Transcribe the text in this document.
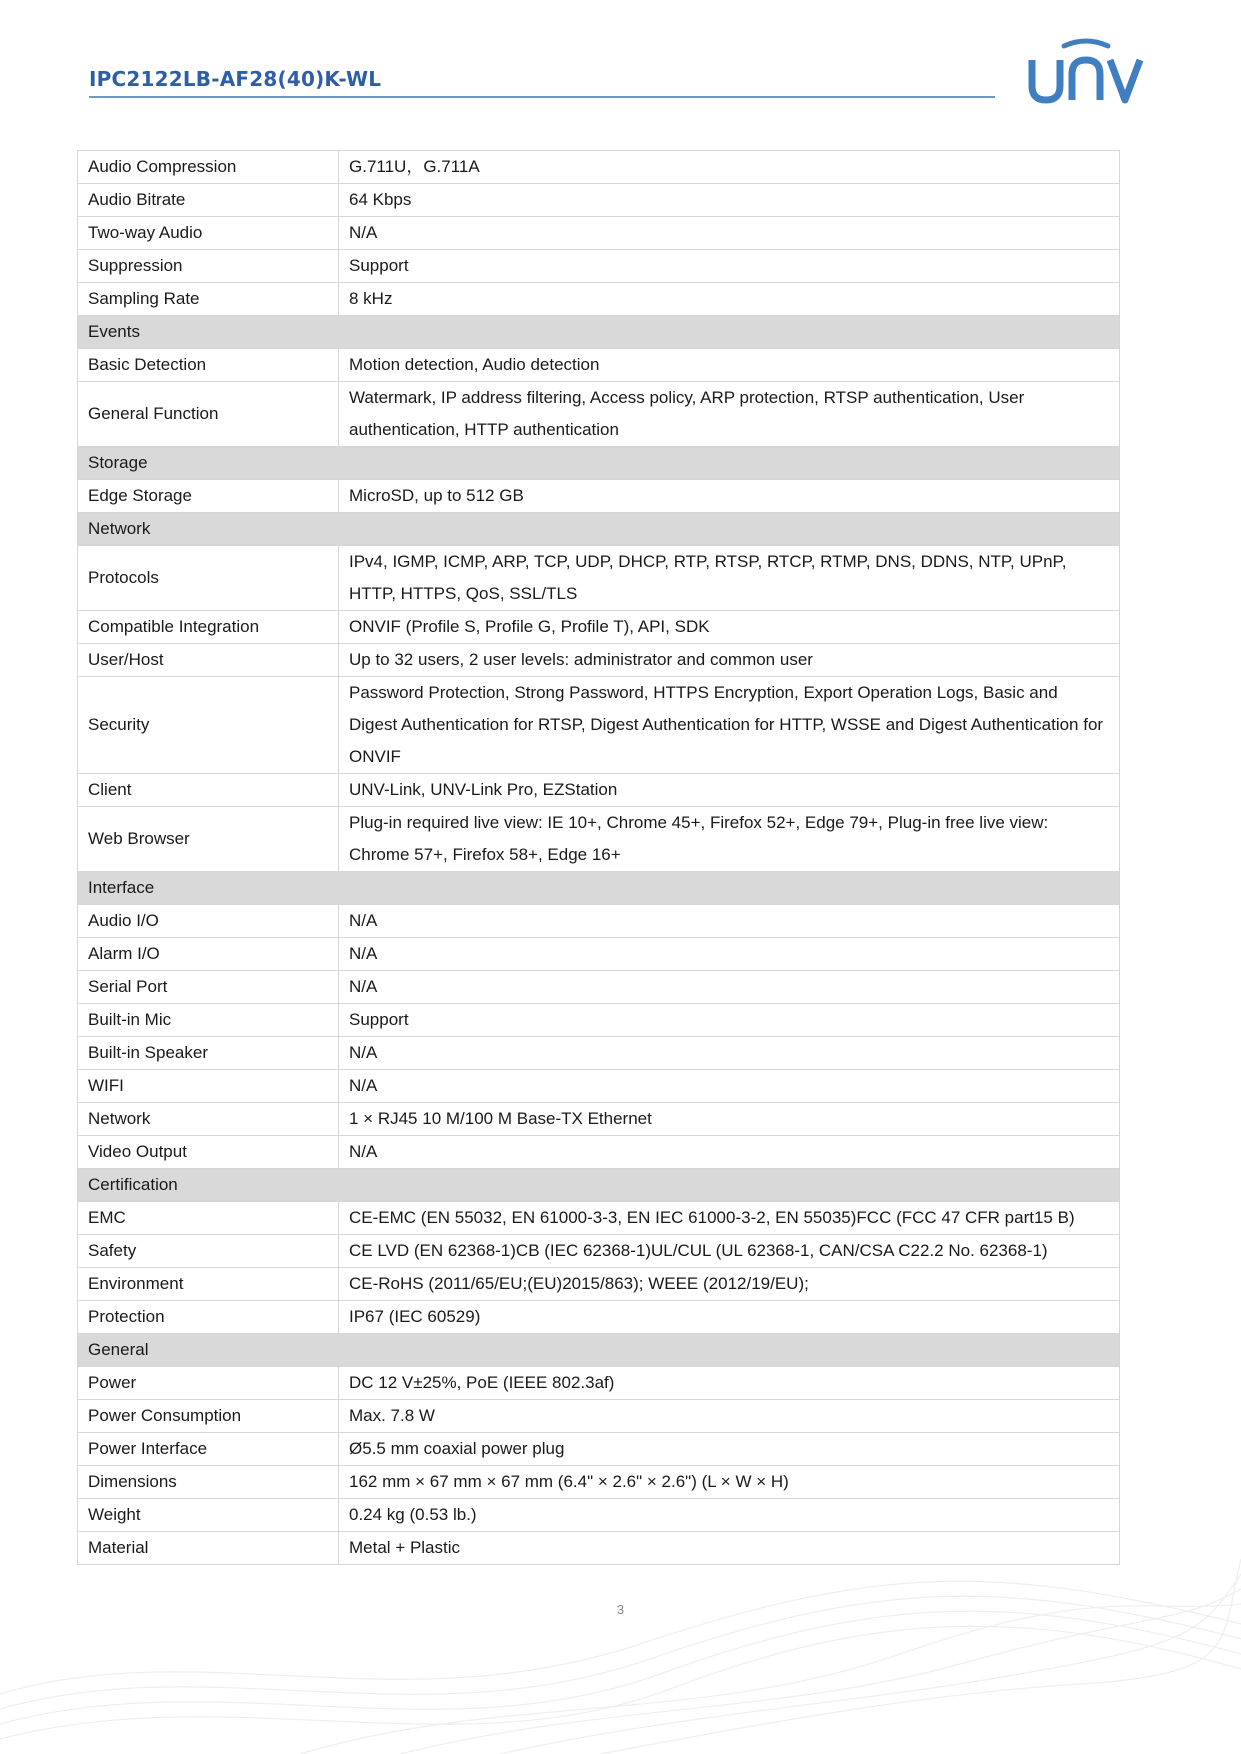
IPC2122LB-AF28(40)K-WL
Audio Compression	G.711U，G.711A
Audio Bitrate	64 Kbps
Two-way Audio	N/A
Suppression	Support
Sampling Rate	8 kHz
Events	
Basic Detection	Motion detection, Audio detection
General Function	Watermark, IP address filtering, Access policy, ARP protection, RTSP authentication, User authentication, HTTP authentication
Storage	
Edge Storage	MicroSD, up to 512 GB
Network	
Protocols	IPv4, IGMP, ICMP, ARP, TCP, UDP, DHCP, RTP, RTSP, RTCP, RTMP, DNS, DDNS, NTP, UPnP, HTTP, HTTPS, QoS, SSL/TLS
Compatible Integration	ONVIF (Profile S, Profile G, Profile T), API, SDK
User/Host	Up to 32 users, 2 user levels: administrator and common user
Security	Password Protection, Strong Password, HTTPS Encryption, Export Operation Logs, Basic and Digest Authentication for RTSP, Digest Authentication for HTTP, WSSE and Digest Authentication for ONVIF
Client	UNV-Link, UNV-Link Pro, EZStation
Web Browser	Plug-in required live view: IE 10+, Chrome 45+, Firefox 52+, Edge 79+, Plug-in free live view: Chrome 57+, Firefox 58+, Edge 16+
Interface	
Audio I/O	N/A
Alarm I/O	N/A
Serial Port	N/A
Built-in Mic	Support
Built-in Speaker	N/A
WIFI	N/A
Network	1 × RJ45 10 M/100 M Base-TX Ethernet
Video Output	N/A
Certification	
EMC	CE-EMC (EN 55032, EN 61000-3-3, EN IEC 61000-3-2, EN 55035)FCC (FCC 47 CFR part15 B)
Safety	CE LVD (EN 62368-1)CB (IEC 62368-1)UL/CUL (UL 62368-1, CAN/CSA C22.2 No. 62368-1)
Environment	CE-RoHS (2011/65/EU;(EU)2015/863); WEEE (2012/19/EU);
Protection	IP67 (IEC 60529)
General	
Power	DC 12 V±25%, PoE (IEEE 802.3af)
Power Consumption	Max. 7.8 W
Power Interface	Ø5.5 mm coaxial power plug
Dimensions	162 mm × 67 mm × 67 mm (6.4" × 2.6" × 2.6") (L × W × H)
Weight	0.24 kg (0.53 lb.)
Material	Metal + Plastic
3
